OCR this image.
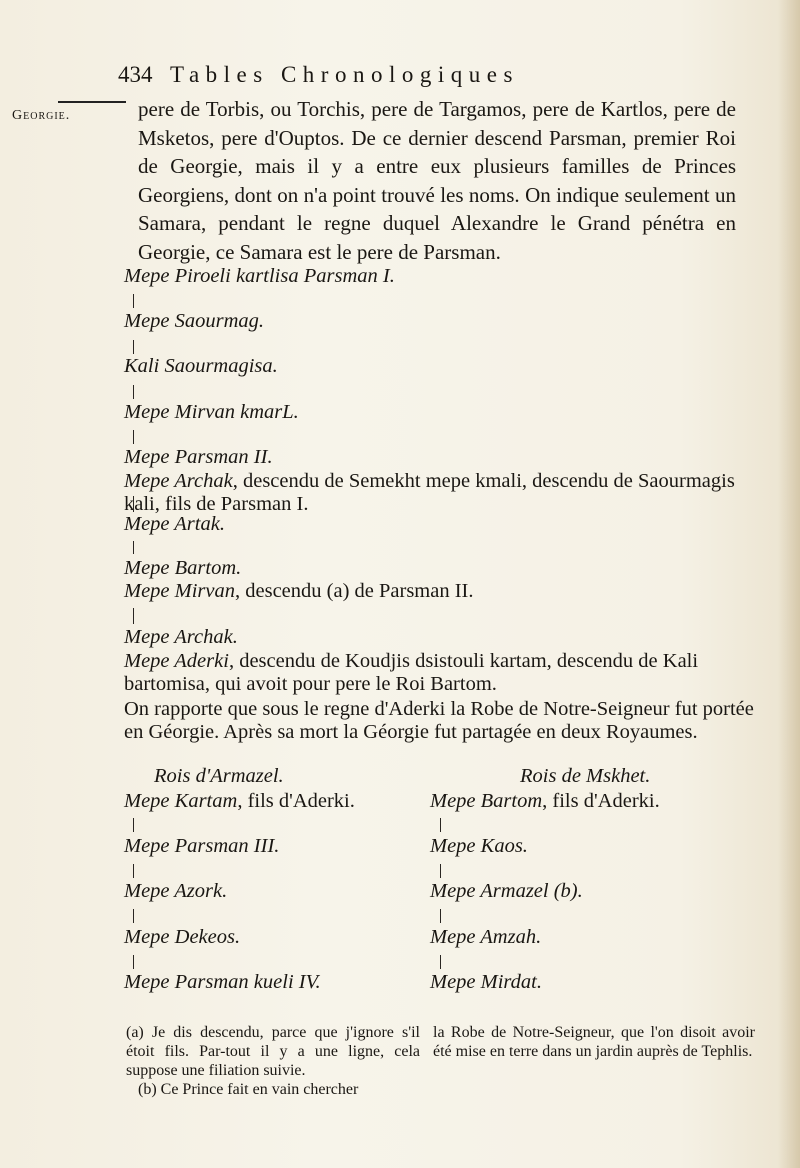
434 Tables Chronologiques
Georgie.	pere de Torbis, ou Torchis, pere de Targamos, pere de Kartlos, pere de Msketos, pere d'Ouptos. De ce dernier descend Parsman, premier Roi de Georgie, mais il y a entre eux plusieurs familles de Princes Georgiens, dont on n'a point trouvé les noms. On indique seulement un Samara, pendant le regne duquel Alexandre le Grand pénétra en Georgie, ce Samara est le pere de Parsman.

Mepe Piroeli kartlisa Parsman I.
Mepe Saourmag.
Kali Saourmagisa.
Mepe Mirvan kmarL.
Mepe Parsman II.
Mepe Archak, descendu de Semekht mepe kmali, descendu de Saourmagis kali, fils de Parsman I.
Mepe Artak.
Mepe Bartom.
Mepe Mirvan, descendu (a) de Parsman II.
Mepe Archak.
Mepe Aderki, descendu de Koudjis dsistouli kartam, descendu de Kali bartomisa, qui avoit pour pere le Roi Bartom.
On rapporte que sous le regne d'Aderki la Robe de Notre-Seigneur fut portée en Géorgie. Après sa mort la Géorgie fut partagée en deux Royaumes.
Rois d'Armazel.	Rois de Mskhet.
Mepe Kartam, fils d'Aderki.	Mepe Bartom, fils d'Aderki.
Mepe Parsman III.	Mepe Kaos.
Mepe Azork.	Mepe Armazel (b).
Mepe Dekeos.	Mepe Amzah.
Mepe Parsman kueli IV.	Mepe Mirdat.
(a) Je dis descendu, parce que j'ignore s'il étoit fils. Par-tout il y a une ligne, cela suppose une filiation suivie.
(b) Ce Prince fait en vain chercher
la Robe de Notre-Seigneur, que l'on disoit avoir été mise en terre dans un jardin auprès de Tephlis.
